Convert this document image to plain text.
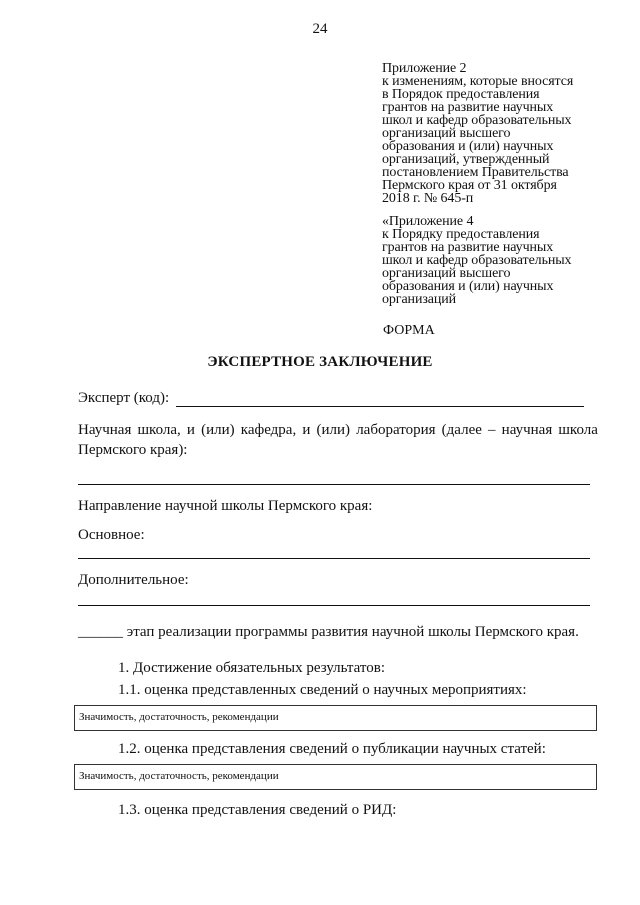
24
Приложение 2
к изменениям, которые вносятся
в Порядок предоставления
грантов на развитие научных
школ и кафедр образовательных
организаций высшего
образования и (или) научных
организаций, утвержденный
постановлением Правительства
Пермского края от 31 октября
2018 г. № 645-п
«Приложение 4
к Порядку предоставления
грантов на развитие научных
школ и кафедр образовательных
организаций высшего
образования и (или) научных
организаций
ФОРМА
ЭКСПЕРТНОЕ ЗАКЛЮЧЕНИЕ
Эксперт (код):
Научная школа, и (или) кафедра, и (или) лаборатория (далее – научная школа
Пермского края):
Направление научной школы Пермского края:
Основное:
Дополнительное:
______ этап реализации программы развития научной школы Пермского края.
1. Достижение обязательных результатов:
1.1. оценка представленных сведений о научных мероприятиях:
Значимость, достаточность, рекомендации
1.2. оценка представления сведений о публикации научных статей:
Значимость, достаточность, рекомендации
1.3. оценка представления сведений о РИД:
